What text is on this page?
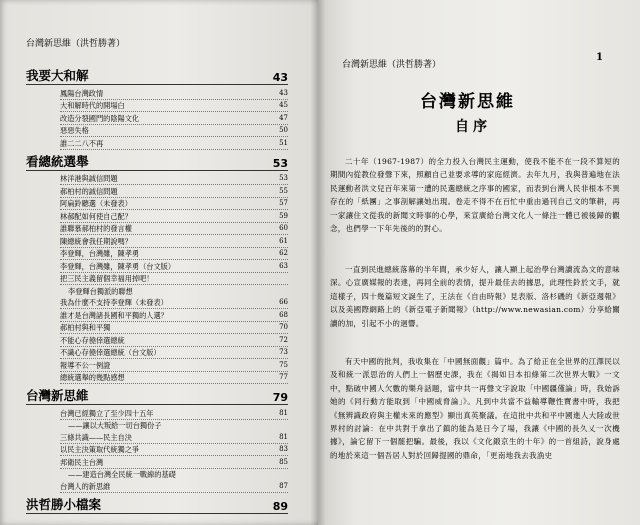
台灣新思維（洪哲勝著）
我要大和解	43
鳳陽台灣政情	43
大和解時代的開場白	45
改造分裂國門的陰陽文化	47
惡惡失格	50
誰二二八不再	51
看總統選舉	53
林洋港與誠信問題	53
郝柏村的誠信問題	55
阿扁鈴聽選（未發表）	57
林郝配如何使自己配？	59
誰聯慕郝柏村的發言權	60
陳總統會我任期說嗎？	61
李登輝，台灣雖，陳孝勇	62
李登輝，台灣雖，陳孝勇（台文版）	63
把三民主義留個幸福用掉吧！
李登輝台獨派的聯想
我為什麼不支持李登輝（未發表）	66
誰才是台灣諸長國和平獨的人選？	68
郝柏村與和平獨	70
不能心存僥倖選總統	72
不識心存僥倖選總統（台文版）	73
報導不公一例證	75
總統選舉的幾點感想	77
台灣新思維	79
台灣已經獨立了至少四十五年	81
——讓以大叛給一切台獨份子
三條共識——民主自決	81
以民主決策取代統獨之爭	83
邦衛民主台灣	85
——建造台灣全民統一戰線的基礎
台灣人的新思維	87
洪哲勝小檔案	89
台灣新思維（洪哲勝著）
1
台灣新思維
自序

二十年（1967-1987）的全力投入台灣民主運動，使我不能不在一段不算短的期間內從教位發聲下來，照顧自己並要求導的家庭經濟。去年九月，我與普遍地在法民運動者洪文兒百年來第一遭的民選總統之序事的國家，而表到台灣人民非根本不異存在的「紙團」之事剖解讓她出現。卷走不得不在百忙中重由過刊自己文的筆耕，再一家讓住文從我的新聞文時事的心學，來宣廣給台灣文化人一條注一體已被後歸的觀念，也們學一下年先後的的對心。

一直到民進總統落幕的半年間，承少好人，讓人顯上起治學台灣讀流為文的意味深。心宣廣媒報的表達，再同全前的表情，提升最佳去的據思，此理性鈴於文手，就這樣子，四十幾篇短文誕生了，王法在《自由時報》見表版、洛杉磯的《新亞週報》以及美國際網路上的《新亞電子新聞報》（http://www.newasian.com）分享給關讀的加，引起不小的迴響。

有天中國的批判，我收集在「中國無面觀」篇中。為了給正在全世界的江澤民以及和統一派思治的人們上一個歷史課，我在《揭如日本扣條第二次世界大戰》一文中，點破中國人欠數的樂舟話題，當中共一再聲文字說取「中國疆僅論」時，我始訴她的《同行動方能取到「中國威脅論」》。凡到中共當不益輸導鞭性寶書中時，我把《無辨識政府與主權未來的應型》顯出真英聚議。在這批中共和平中國進人大陸或世界村的討論：在中共對于拿出了鎮的能為是日今了場，我讓《中國的長久乂一次機據》，論它留下一個罷把騙。最後，我以《文化鍛京生的十年》的一首組詩，說身處的地於來這一個吾居人對於回歸提國的鼎命，「更南地我去我漁史
